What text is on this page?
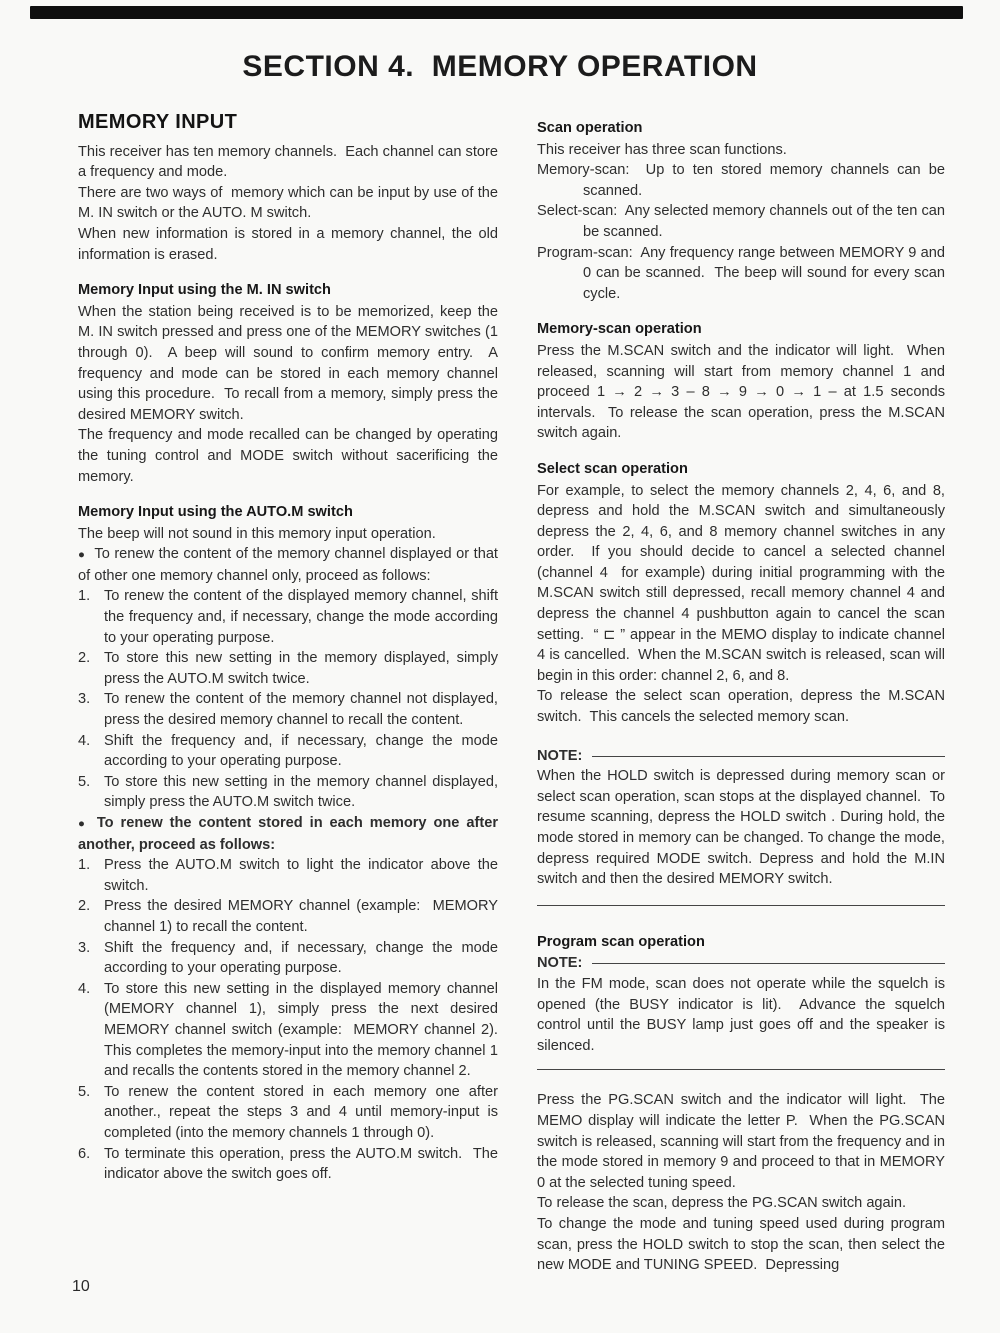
SECTION 4.  MEMORY OPERATION
MEMORY INPUT

This receiver has ten memory channels.  Each channel can store a frequency and mode.

There are two ways of  memory which can be input by use of the M. IN switch or the AUTO. M switch.

When new information is stored in a memory channel, the old information is erased.

Memory Input using the M. IN switch

When the station being received is to be memorized, keep the M. IN switch pressed and press one of the MEMORY switches (1 through 0).  A beep will sound to confirm memory entry.  A frequency and mode can be stored in each memory channel using this procedure.  To recall from a memory, simply press the desired MEMORY switch.

The frequency and mode recalled can be changed by operating the tuning control and MODE switch without sacerificing the memory.

Memory Input using the AUTO.M switch

The beep will not sound in this memory input operation.

● To renew the content of the memory channel displayed or that of other one memory channel only, proceed as follows:

1. To renew the content of the displayed memory channel, shift the frequency and, if necessary, change the mode according to your operating purpose.
2. To store this new setting in the memory displayed, simply press the AUTO.M switch twice.
3. To renew the content of the memory channel not displayed, press the desired memory channel to recall the content.
4. Shift the frequency and, if necessary, change the mode according to your operating purpose.
5. To store this new setting in the memory channel displayed, simply press the AUTO.M switch twice.

● To renew the content stored in each memory one after another, proceed as follows:

1. Press the AUTO.M switch to light the indicator above the switch.
2. Press the desired MEMORY channel (example:  MEMORY channel 1) to recall the content.
3. Shift the frequency and, if necessary, change the mode according to your operating purpose.
4. To store this new setting in the displayed memory channel (MEMORY channel 1), simply press the next desired MEMORY channel switch (example:  MEMORY channel 2).  This completes the memory-input into the memory channel 1 and recalls the contents stored in the memory channel 2.
5. To renew the content stored in each memory one after another., repeat the steps 3 and 4 until memory-input is completed (into the memory channels 1 through 0).
6. To terminate this operation, press the AUTO.M switch.  The indicator above the switch goes off.
Scan operation

This receiver has three scan functions.

Memory-scan:  Up to ten stored memory channels can be scanned.
Select-scan:  Any selected memory channels out of the ten can be scanned.
Program-scan:  Any frequency range between MEMORY 9 and 0 can be scanned.  The beep will sound for every scan cycle.
Memory-scan operation

Press the M.SCAN switch and the indicator will light.  When released, scanning will start from memory channel 1 and proceed 1 → 2 → 3 – 8 → 9 → 0 → 1 – at 1.5 seconds intervals.  To release the scan operation, press the M.SCAN switch again.

Select scan operation

For example, to select the memory channels 2, 4, 6, and 8, depress and hold the M.SCAN switch and simultaneously depress the 2, 4, 6, and 8 memory channel switches in any order.  If you should decide to cancel a selected channel (channel 4  for example) during initial programming with the M.SCAN switch still depressed, recall memory channel 4 and depress the channel 4 pushbutton again to cancel the scan setting.  “ ⊏ ” appear in the MEMO display to indicate channel 4 is cancelled.  When the M.SCAN switch is released, scan will begin in this order: channel 2, 6, and 8.

To release the select scan operation, depress the M.SCAN switch.  This cancels the selected memory scan.

NOTE:

When the HOLD switch is depressed during memory scan or select scan operation, scan stops at the displayed channel.  To resume scanning, depress the HOLD switch . During hold, the mode stored in memory can be changed. To change the mode, depress required MODE switch. Depress and hold the M.IN switch and then the desired MEMORY switch.

Program scan operation
NOTE:

In the FM mode, scan does not operate while the squelch is opened (the BUSY indicator is lit).  Advance the squelch control until the BUSY lamp just goes off and the speaker is silenced.

Press the PG.SCAN switch and the indicator will light.  The MEMO display will indicate the letter P.  When the PG.SCAN switch is released, scanning will start from the frequency and in the mode stored in memory 9 and proceed to that in MEMORY 0 at the selected tuning speed.

To release the scan, depress the PG.SCAN switch again.

To change the mode and tuning speed used during program scan, press the HOLD switch to stop the scan, then select the new MODE and TUNING SPEED.  Depressing

10
